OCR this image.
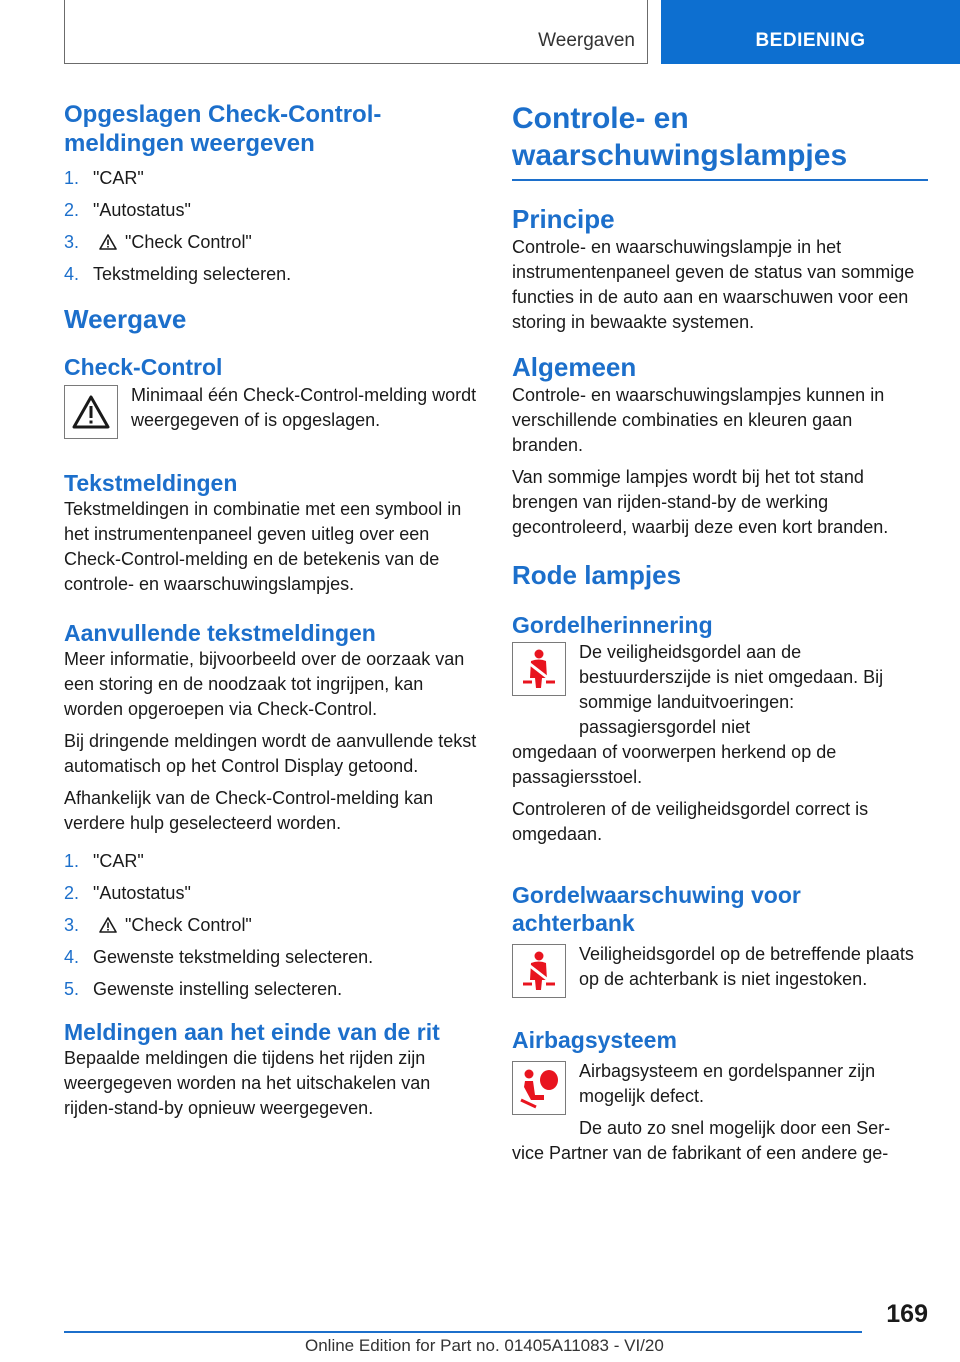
Weergaven	BEDIENING
Opgeslagen Check-Control-meldingen weergeven
1. "CAR"
2. "Autostatus"
3.	"Check Control"
4. Tekstmelding selecteren.
Weergave
Check-Control

Minimaal één Check-Control-melding wordt weergegeven of is opgeslagen.

Tekstmeldingen

Tekstmeldingen in combinatie met een symbool in het instrumentenpaneel geven uitleg over een Check-Control-melding en de betekenis van de controle- en waarschuwingslampjes.

Aanvullende tekstmeldingen

Meer informatie, bijvoorbeeld over de oorzaak van een storing en de noodzaak tot ingrijpen, kan worden opgeroepen via Check-Control.

Bij dringende meldingen wordt de aanvullende tekst automatisch op het Control Display getoond.

Afhankelijk van de Check-Control-melding kan verdere hulp geselecteerd worden.

1. "CAR"
2. "Autostatus"
3.	"Check Control"
4. Gewenste tekstmelding selecteren.
5. Gewenste instelling selecteren.
Meldingen aan het einde van de rit

Bepaalde meldingen die tijdens het rijden zijn weergegeven worden na het uitschakelen van rijden-stand-by opnieuw weergegeven.

Controle- en waarschuwingslampjes
Principe

Controle- en waarschuwingslampje in het instrumentenpaneel geven de status van sommige functies in de auto aan en waarschuwen voor een storing in bewaakte systemen.

Algemeen

Controle- en waarschuwingslampjes kunnen in verschillende combinaties en kleuren gaan branden.

Van sommige lampjes wordt bij het tot stand brengen van rijden-stand-by de werking gecontroleerd, waarbij deze even kort branden.

Rode lampjes
Gordelherinnering

De veiligheidsgordel aan de bestuurderszijde is niet omgedaan. Bij sommige landuitvoeringen: passagiersgordel niet

omgedaan of voorwerpen herkend op de passagiersstoel.

Controleren of de veiligheidsgordel correct is omgedaan.

Gordelwaarschuwing voor achterbank

Veiligheidsgordel op de betreffende plaats op de achterbank is niet ingestoken.

Airbagsysteem

Airbagsysteem en gordelspanner zijn mogelijk defect.

De auto zo snel mogelijk door een Ser-

vice Partner van de fabrikant of een andere ge-

169
Online Edition for Part no. 01405A11083 - VI/20
